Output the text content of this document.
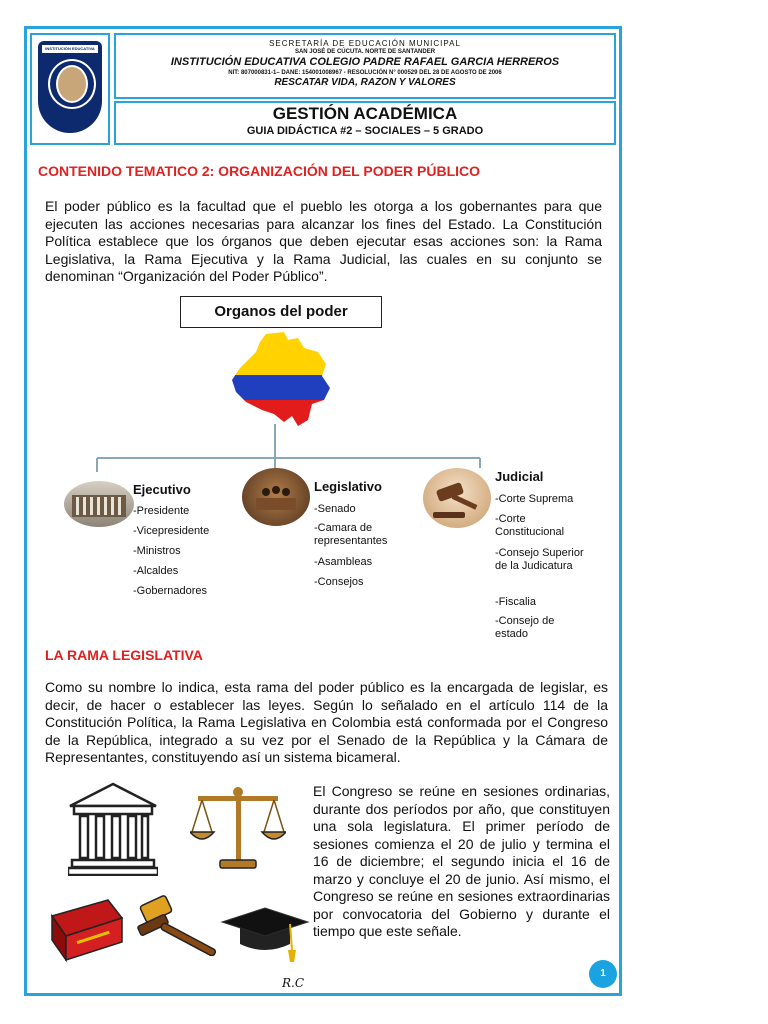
INSTITUCIÓN EDUCATIVA
SECRETARÍA DE EDUCACIÓN MUNICIPAL
SAN JOSÉ DE CÚCUTA. NORTE DE SANTANDER
INSTITUCIÓN EDUCATIVA COLEGIO PADRE RAFAEL GARCIA HERREROS
NIT: 807000831-1– DANE: 154001008967 - RESOLUCIÓN N° 000529 DEL 28 DE AGOSTO DE 2006
RESCATAR VIDA, RAZON Y VALORES
GESTIÓN ACADÉMICA
GUIA DIDÁCTICA #2 – SOCIALES – 5 GRADO
CONTENIDO TEMATICO 2: ORGANIZACIÓN DEL PODER PÚBLICO
El poder público es la facultad que el pueblo les otorga a los gobernantes para que ejecuten las acciones necesarias para alcanzar los fines del Estado. La Constitución Política establece que los órganos que deben ejecutar esas acciones son: la Rama Legislativa, la Rama Ejecutiva y la Rama Judicial, las cuales en su conjunto se denominan “Organización del Poder Público”.
Organos del poder
Ejecutivo
-Presidente
-Vicepresidente
-Ministros
-Alcaldes
-Gobernadores
Legislativo
-Senado
-Camara de representantes
-Asambleas
-Consejos
Judicial
-Corte Suprema
-Corte Constitucional
-Consejo Superior de la Judicatura
-Fiscalia
-Consejo de estado
LA RAMA LEGISLATIVA
Como su nombre lo indica, esta rama del poder público es la encargada de legislar, es decir, de hacer o establecer las leyes. Según lo señalado en el artículo 114 de la Constitución Política, la Rama Legislativa en Colombia está conformada por el Congreso de la República, integrado a su vez por el Senado de la República y la Cámara de Representantes, constituyendo así un sistema bicameral.
El Congreso se reúne en sesiones ordinarias, durante dos períodos por año, que constituyen una sola legislatura. El primer período de sesiones comienza el 20 de julio y termina el 16 de diciembre; el segundo inicia el 16 de marzo y concluye el 20 de junio. Así mismo, el Congreso se reúne en sesiones extraordinarias por convocatoria del Gobierno y durante el tiempo que este señale.
R.C
1
